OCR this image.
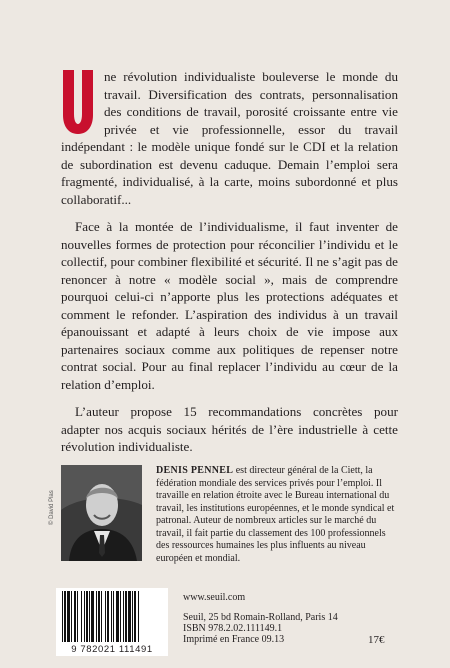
ne révolution individualiste bouleverse le monde du travail. Diversification des contrats, personnalisation des conditions de travail, porosité croissante entre vie privée et vie professionnelle, essor du travail indépendant : le modèle unique fondé sur le CDI et la relation de subordination est devenu caduque. Demain l’emploi sera fragmenté, individualisé, à la carte, moins subordonné et plus collaboratif...

Face à la montée de l’individualisme, il faut inventer de nouvelles formes de protection pour réconcilier l’individu et le collectif, pour combiner flexibilité et sécurité. Il ne s’agit pas de renoncer à notre « modèle social », mais de comprendre pourquoi celui-ci n’apporte plus les protections adéquates et comment le refonder. L’aspiration des individus à un travail épanouissant et adapté à leurs choix de vie impose aux partenaires sociaux comme aux politiques de repenser notre contrat social. Pour au final replacer l’individu au cœur de la relation d’emploi.

L’auteur propose 15 recommandations concrètes pour adapter nos acquis sociaux hérités de l’ère industrielle à cette révolution individualiste.

© David Plas
DENIS PENNEL est directeur général de la Ciett, la fédération mondiale des services privés pour l’emploi. Il travaille en relation étroite avec le Bureau international du travail, les institutions européennes, et le monde syndical et patronal. Auteur de nombreux articles sur le marché du travail, il fait partie du classement des 100 professionnels des ressources humaines les plus influents au niveau européen et mondial.
9 782021 111491
www.seuil.com
Seuil, 25 bd Romain-Rolland, Paris 14
ISBN 978.2.02.111149.1
Imprimé en France 09.13	17€
